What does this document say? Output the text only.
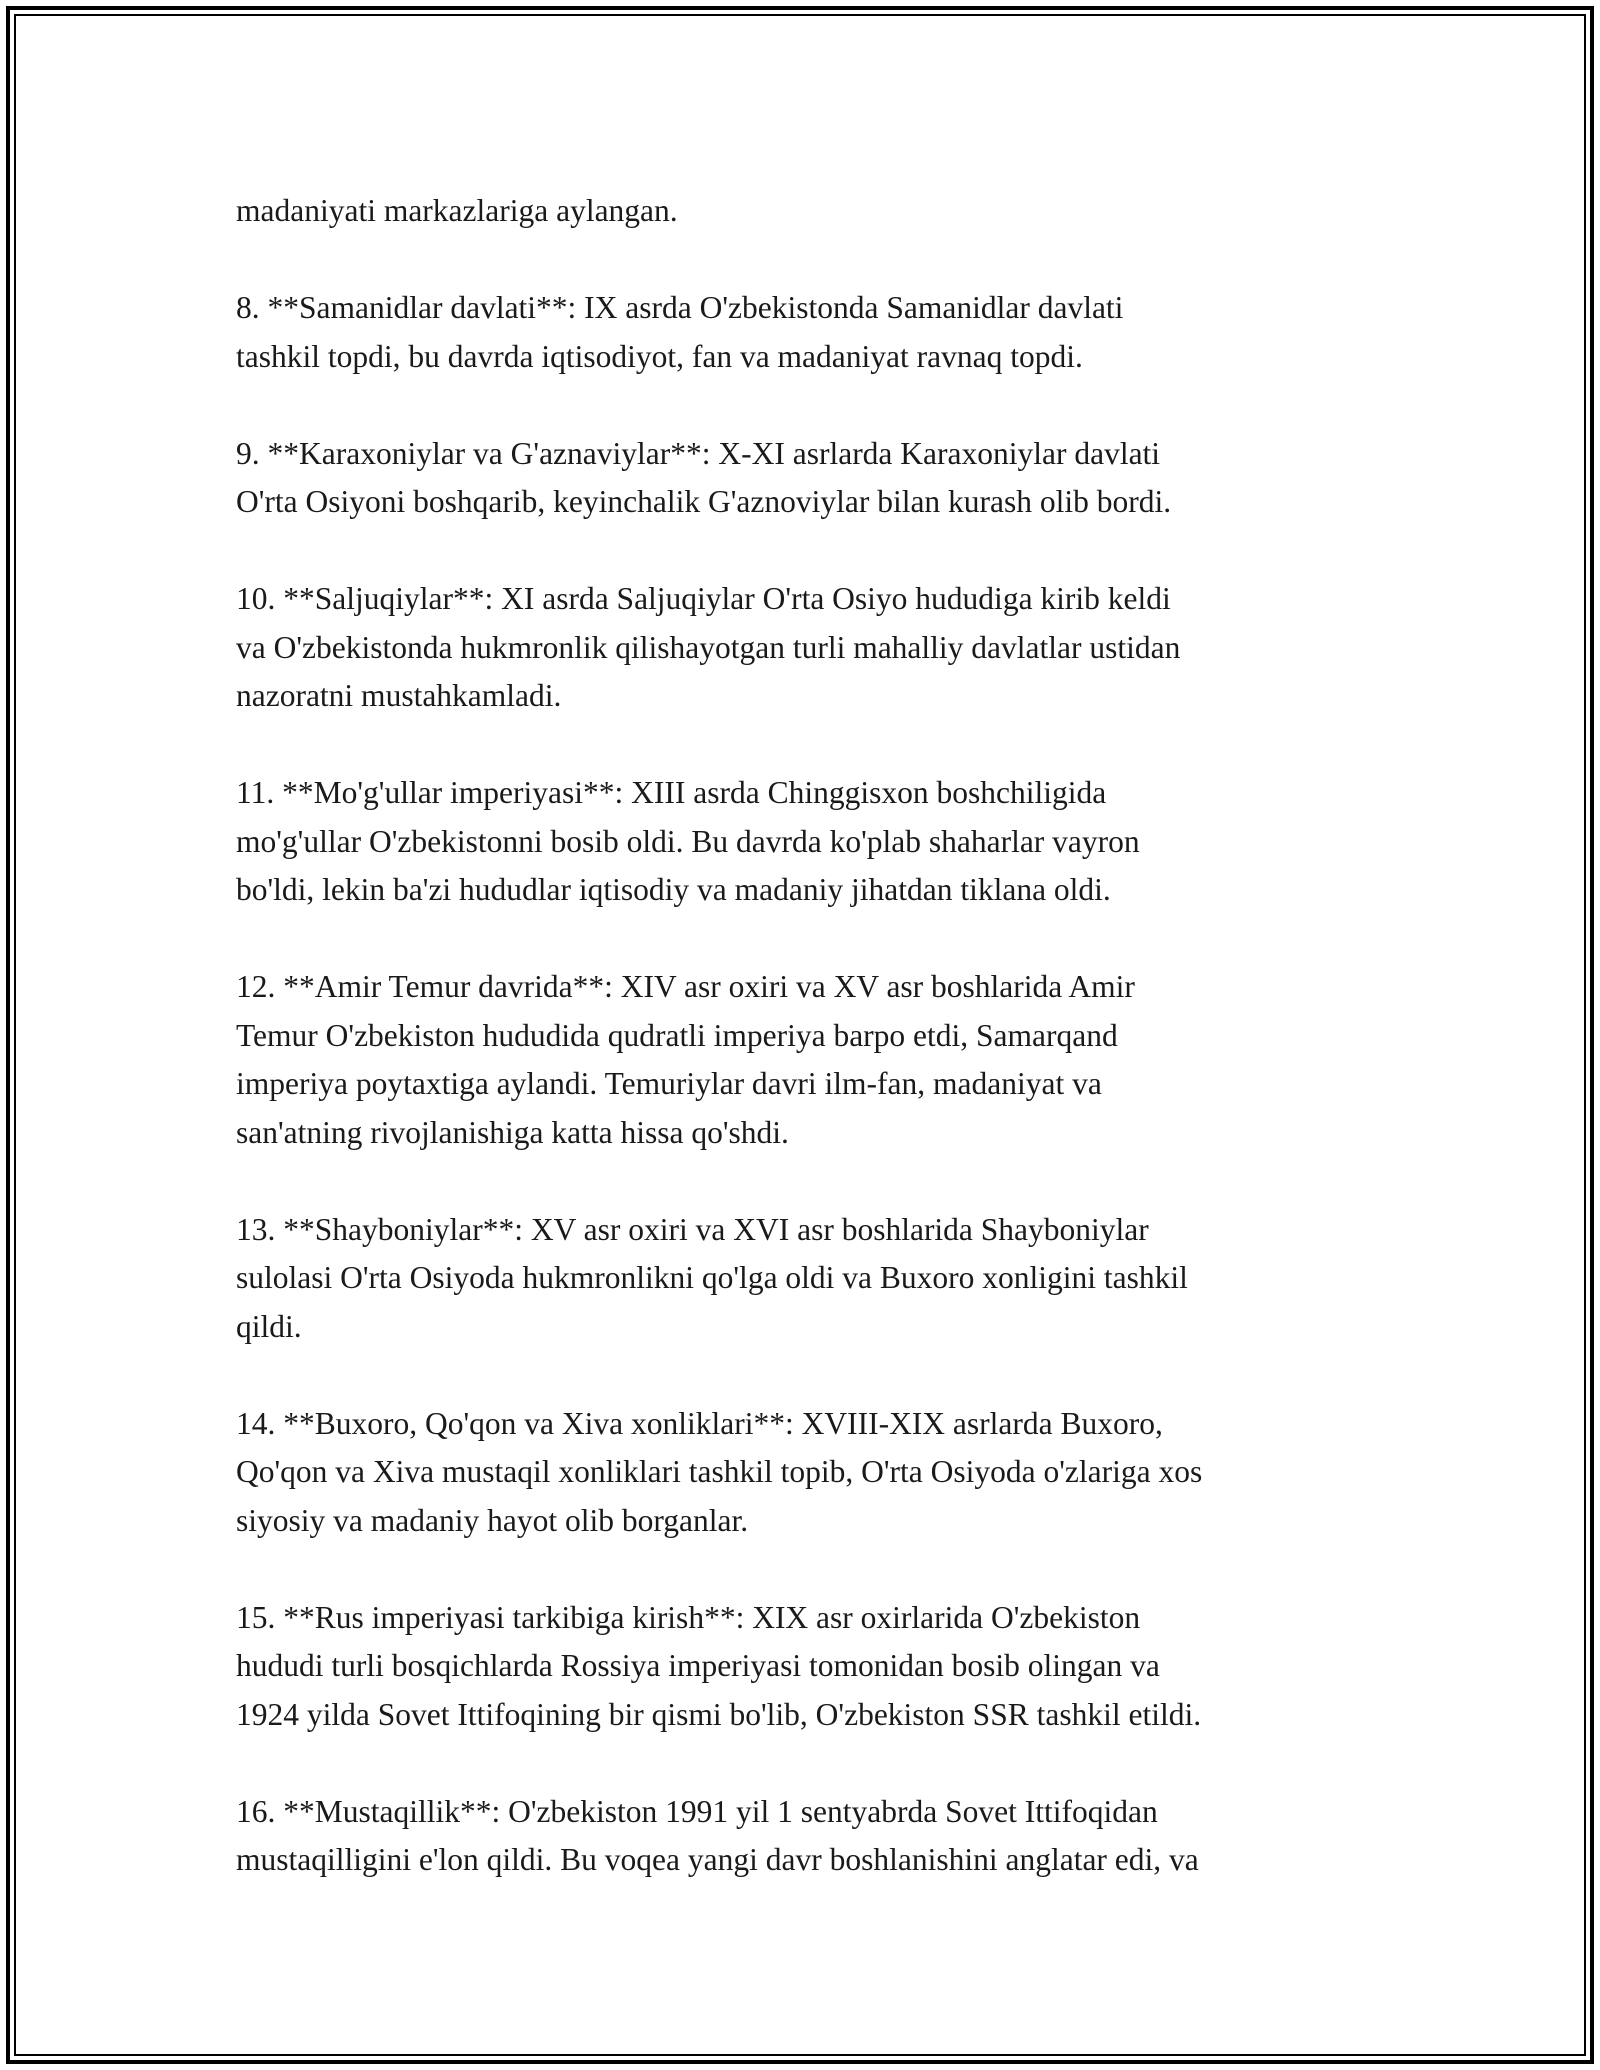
madaniyati markazlariga aylangan.

8. **Samanidlar davlati**: IX asrda O'zbekistonda Samanidlar davlati
tashkil topdi, bu davrda iqtisodiyot, fan va madaniyat ravnaq topdi.

9. **Karaxoniylar va G'aznaviylar**: X-XI asrlarda Karaxoniylar davlati
O'rta Osiyoni boshqarib, keyinchalik G'aznoviylar bilan kurash olib bordi.

10. **Saljuqiylar**: XI asrda Saljuqiylar O'rta Osiyo hududiga kirib keldi
va O'zbekistonda hukmronlik qilishayotgan turli mahalliy davlatlar ustidan
nazoratni mustahkamladi.

11. **Mo'g'ullar imperiyasi**: XIII asrda Chinggisxon boshchiligida
mo'g'ullar O'zbekistonni bosib oldi. Bu davrda ko'plab shaharlar vayron
bo'ldi, lekin ba'zi hududlar iqtisodiy va madaniy jihatdan tiklana oldi.

12. **Amir Temur davrida**: XIV asr oxiri va XV asr boshlarida Amir
Temur O'zbekiston hududida qudratli imperiya barpo etdi, Samarqand
imperiya poytaxtiga aylandi. Temuriylar davri ilm-fan, madaniyat va
san'atning rivojlanishiga katta hissa qo'shdi.

13. **Shayboniylar**: XV asr oxiri va XVI asr boshlarida Shayboniylar
sulolasi O'rta Osiyoda hukmronlikni qo'lga oldi va Buxoro xonligini tashkil
qildi.

14. **Buxoro, Qo'qon va Xiva xonliklari**: XVIII-XIX asrlarda Buxoro,
Qo'qon va Xiva mustaqil xonliklari tashkil topib, O'rta Osiyoda o'zlariga xos
siyosiy va madaniy hayot olib borganlar.

15. **Rus imperiyasi tarkibiga kirish**: XIX asr oxirlarida O'zbekiston
hududi turli bosqichlarda Rossiya imperiyasi tomonidan bosib olingan va
1924 yilda Sovet Ittifoqining bir qismi bo'lib, O'zbekiston SSR tashkil etildi.

16. **Mustaqillik**: O'zbekiston 1991 yil 1 sentyabrda Sovet Ittifoqidan
mustaqilligini e'lon qildi. Bu voqea yangi davr boshlanishini anglatar edi, va
